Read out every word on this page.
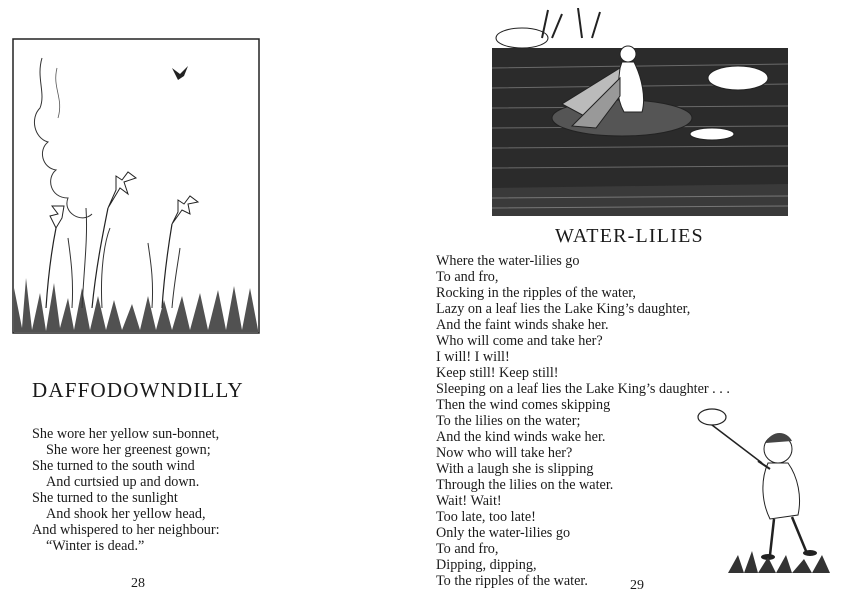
DAFFODOWNDILLY
She wore her yellow sun-bonnet,
She wore her greenest gown;
She turned to the south wind
And curtsied up and down.
She turned to the sunlight
And shook her yellow head,
And whispered to her neighbour:
“Winter is dead.”
28
WATER-LILIES
Where the water-lilies go
To and fro,
Rocking in the ripples of the water,
Lazy on a leaf lies the Lake King’s daughter,
And the faint winds shake her.
Who will come and take her?
I will! I will!
Keep still! Keep still!
Sleeping on a leaf lies the Lake King’s daughter . . .
Then the wind comes skipping
To the lilies on the water;
And the kind winds wake her.
Now who will take her?
With a laugh she is slipping
Through the lilies on the water.
Wait! Wait!
Too late, too late!
Only the water-lilies go
To and fro,
Dipping, dipping,
To the ripples of the water.	29
